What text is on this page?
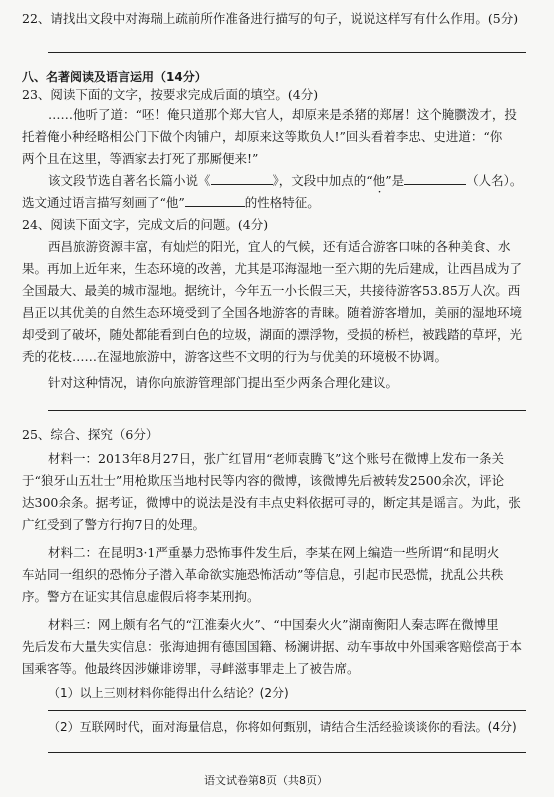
22、请找出文段中对海瑞上疏前所作准备进行描写的句子，说说这样写有什么作用。(5分)
八、名著阅读及语言运用（14分）
23、阅读下面的文字，按要求完成后面的填空。(4分)
……他听了道：“呸！俺只道那个郑大官人，却原来是杀猪的郑屠！这个腌臜泼才，投
托着俺小种经略相公门下做个肉铺户，却原来这等欺负人!”回头看着李忠、史进道：“你
两个且在这里，等酒家去打死了那厮便来!”
该文段节选自著名长篇小说《	》，文段中加点的“他”是	（人名）。
选文通过语言描写刻画了“他”	的性格特征。
24、阅读下面文字，完成文后的问题。(4分)
西昌旅游资源丰富，有灿烂的阳光，宜人的气候，还有适合游客口味的各种美食、水
果。再加上近年来，生态环境的改善，尤其是邛海湿地一至六期的先后建成，让西昌成为了
全国最大、最美的城市湿地。据统计，今年五一小长假三天，共接待游客53.85万人次。西
昌正以其优美的自然生态环境受到了全国各地游客的青睐。随着游客增加，美丽的湿地环境
却受到了破坏，随处都能看到白色的垃圾，湖面的漂浮物，受损的桥栏，被践踏的草坪，光
秃的花枝……在湿地旅游中，游客这些不文明的行为与优美的环境极不协调。
针对这种情况，请你向旅游管理部门提出至少两条合理化建议。
25、综合、探究（6分）
材料一：2013年8月27日，张广红冒用“老师袁腾飞”这个账号在微博上发布一条关
于“狼牙山五壮士”用枪欺压当地村民等内容的微博，该微博先后被转发2500余次，评论
达300余条。据考证，微博中的说法是没有丰点史料依据可寻的，断定其是谣言。为此，张
广红受到了警方行拘7日的处理。
材料二：在昆明3·1严重暴力恐怖事件发生后，李某在网上编造一些所谓“和昆明火
车站同一组织的恐怖分子潜入革命欲实施恐怖活动”等信息，引起市民恐慌，扰乱公共秩
序。警方在证实其信息虚假后将李某刑拘。
材料三：网上颇有名气的“江淮秦火火”、“中国秦火火”湖南衡阳人秦志晖在微博里
先后发布大量失实信息：张海迪拥有德国国籍、杨澜讲据、动车事故中外国乘客赔偿高于本
国乘客等。他最终因涉嫌诽谤罪，寻衅滋事罪走上了被告席。
（1）以上三则材料你能得出什么结论？(2分)
（2）互联网时代，面对海量信息，你将如何甄别，请结合生活经验谈谈你的看法。(4分)
语文试卷第8页（共8页）
